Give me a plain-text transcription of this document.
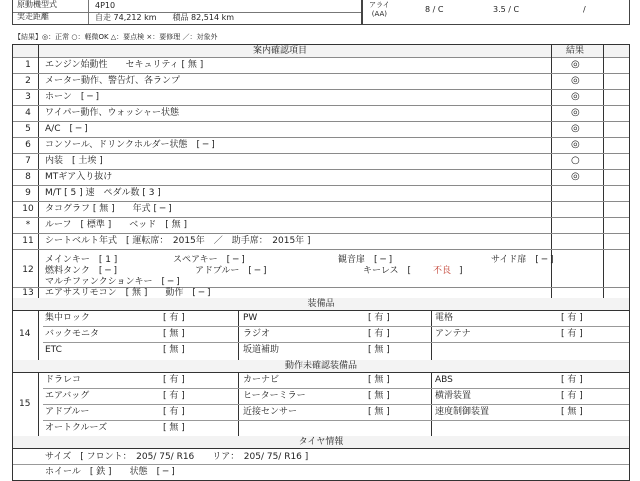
原動機型式	4P10
実走距離	自走 74,212 km　　積品 82,514 km
アライ
(AA)	8 / C	3.5 / C	/
【結果】◎：正常 ○：軽微OK △：要点検 ×：要修理 ／：対象外
案内確認項目	結果
1	エンジン始動性　　セキュリティ [ 無 ]	◎
2	メーター動作、警告灯、各ランプ	◎
3	ホーン　[ ─ ]	◎
4	ワイパー動作、ウォッシャー状態	◎
5	A/C　[ ─ ]	◎
6	コンソール、ドリンクホルダー状態　[ ─ ]	◎
7	内装　[ 土埃 ]	○
8	MTギア入り抜け	◎
9	M/T [ 5 ] 速　ペダル数 [ 3 ]
10	タコグラフ [ 無 ]　　年式 [ ─ ]
*	ルーフ　[ 標準 ]　　ベッド　[ 無 ]
11	シートベルト年式　[ 運転席：　2015年　／　助手席：　2015年 ]
12
メインキー　[ 1 ]	スペアキー　[ ─ ]	観音扉　[ ─ ]	サイド扉　[ ─ ]
燃料タンク　[ ─ ]	アドブルー　[ ─ ]	キーレス　[ 不良 ]
マルチファンクションキー　[ ─ ]
13	エアサスリモコン　[ 無 ]　　動作　[ ─ ]
装備品
14
集中ロック	[ 有 ]	PW	[ 有 ]	電格	[ 有 ]
バックモニタ	[ 無 ]	ラジオ	[ 有 ]	アンテナ	[ 有 ]
ETC	[ 無 ]	坂道補助	[ 無 ]
動作未確認装備品
15
ドラレコ	[ 有 ]	カーナビ	[ 無 ]	ABS	[ 有 ]
エアバッグ	[ 有 ]	ヒーターミラー	[ 無 ]	横滑装置	[ 有 ]
アドブルー	[ 有 ]	近接センサー	[ 無 ]	速度制御装置	[ 無 ]
オートクルーズ	[ 無 ]
タイヤ情報
サイズ　[ フロント：　205/ 75/ R16　　リア：　205/ 75/ R16 ]
ホイール　[ 鉄 ]　　状態　[ ─ ]
